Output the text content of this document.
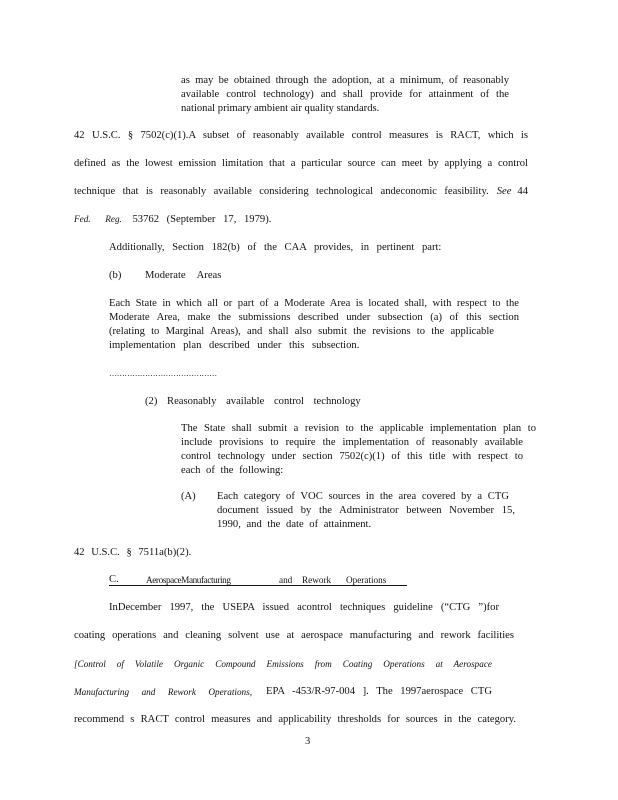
as may be obtained through the adoption, at a minimum, of reasonably
available control technology) and shall provide for attainment of the
national primary ambient air quality standards.
42 U.S.C. § 7502(c)(1).A subset of reasonably available control measures is RACT, which is
defined as the lowest emission limitation that a particular source can meet by applying a control
technique that is reasonably available considering technological andeconomic feasibility. See 44
Fed. Reg. 53762 (September 17, 1979).
Additionally, Section 182(b) of the CAA provides, in pertinent part:
(b) Moderate Areas
Each State in which all or part of a Moderate Area is located shall, with respect to the
Moderate Area, make the submissions described under subsection (a) of this section
(relating to Marginal Areas), and shall also submit the revisions to the applicable
implementation plan described under this subsection.
……………………………………
(2) Reasonably available control technology
The State shall submit a revision to the applicable implementation plan to
include provisions to require the implementation of reasonably available
control technology under section 7502(c)(1) of this title with respect to
each of the following:
(A) Each category of VOC sources in the area covered by a CTG
document issued by the Administrator between November 15,
1990, and the date of attainment.
42 U.S.C. § 7511a(b)(2).
C.	AerospaceManufacturing	and Rework Operations
InDecember 1997, the USEPA issued acontrol techniques guideline (“CTG ”)for
coating operations and cleaning solvent use at aerospace manufacturing and rework facilities
[Control of Volatile Organic Compound Emissions from Coating Operations at Aerospace
Manufacturing and Rework Operations, EPA -453/R-97-004 ]. The 1997aerospace CTG
recommend s RACT control measures and applicability thresholds for sources in the category.
3
